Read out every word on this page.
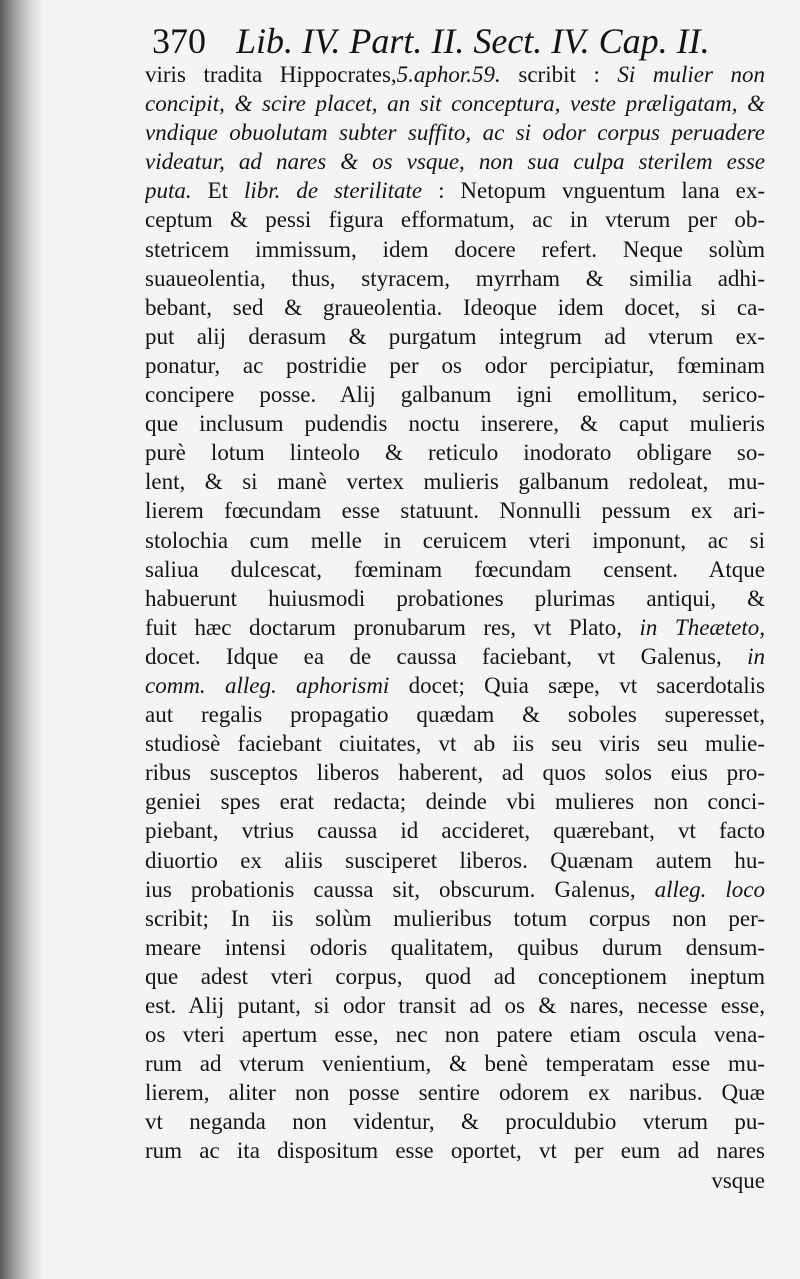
370 Lib. IV. Part. II. Sect. IV. Cap. II.
viris tradita Hippocrates,5.aphor.59. scribit : Si mulier non
concipit, & scire placet, an sit conceptura, veste præligatam, &
vndique obuolutam subter suffito, ac si odor corpus peruadere
videatur, ad nares & os vsque, non sua culpa sterilem esse
puta. Et libr. de sterilitate : Netopum vnguentum lana ex-
ceptum & pessi figura efformatum, ac in vterum per ob-
stetricem immissum, idem docere refert. Neque solùm
suaueolentia, thus, styracem, myrrham & similia adhi-
bebant, sed & graueolentia. Ideoque idem docet, si ca-
put alij derasum & purgatum integrum ad vterum ex-
ponatur, ac postridie per os odor percipiatur, fœminam
concipere posse. Alij galbanum igni emollitum, serico-
que inclusum pudendis noctu inserere, & caput mulieris
purè lotum linteolo & reticulo inodorato obligare so-
lent, & si manè vertex mulieris galbanum redoleat, mu-
lierem fœcundam esse statuunt. Nonnulli pessum ex ari-
stolochia cum melle in ceruicem vteri imponunt, ac si
saliua dulcescat, fœminam fœcundam censent. Atque
habuerunt huiusmodi probationes plurimas antiqui, &
fuit hæc doctarum pronubarum res, vt Plato, in Theæteto,
docet. Idque ea de caussa faciebant, vt Galenus, in
comm. alleg. aphorismi docet; Quia sæpe, vt sacerdotalis
aut regalis propagatio quædam & soboles superesset,
studiosè faciebant ciuitates, vt ab iis seu viris seu mulie-
ribus susceptos liberos haberent, ad quos solos eius pro-
geniei spes erat redacta; deinde vbi mulieres non conci-
piebant, vtrius caussa id accideret, quærebant, vt facto
diuortio ex aliis susciperet liberos. Quænam autem hu-
ius probationis caussa sit, obscurum. Galenus, alleg. loco
scribit; In iis solùm mulieribus totum corpus non per-
meare intensi odoris qualitatem, quibus durum densum-
que adest vteri corpus, quod ad conceptionem ineptum
est. Alij putant, si odor transit ad os & nares, necesse esse,
os vteri apertum esse, nec non patere etiam oscula vena-
rum ad vterum venientium, & benè temperatam esse mu-
lierem, aliter non posse sentire odorem ex naribus. Quæ
vt neganda non videntur, & proculdubio vterum pu-
rum ac ita dispositum esse oportet, vt per eum ad nares
vsque
